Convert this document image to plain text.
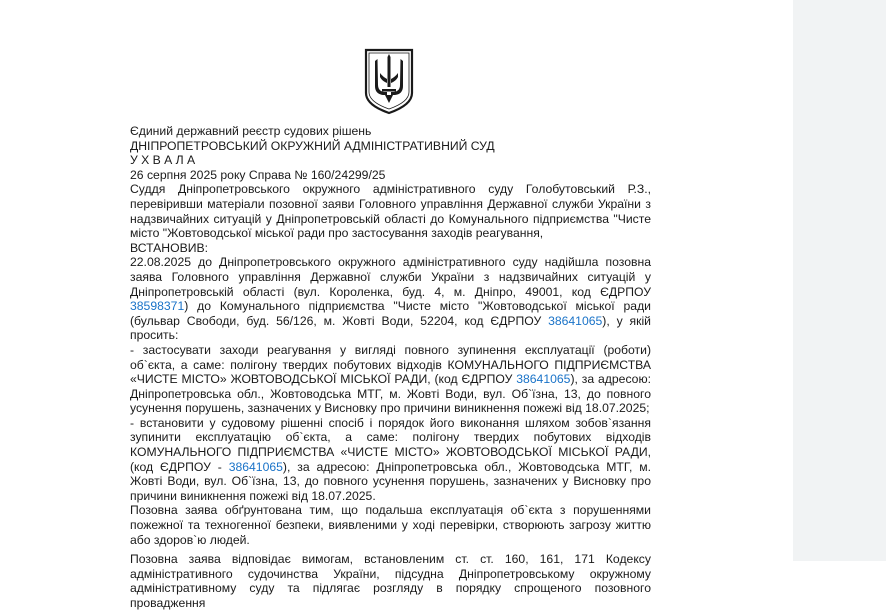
Єдиний державний реєстр судових рішень

ДНІПРОПЕТРОВСЬКИЙ ОКРУЖНИЙ АДМІНІСТРАТИВНИЙ СУД

У Х В А Л А

26 серпня 2025 року Справа № 160/24299/25

Суддя Дніпропетровського окружного адміністративного суду Голобутовський Р.З., перевіривши матеріали позовної заяви Головного управління Державної служби України з надзвичайних ситуацій у Дніпропетровській області до Комунального підприємства "Чисте місто "Жовтоводської міської ради про застосування заходів реагування,

ВСТАНОВИВ:

22.08.2025 до Дніпропетровського окружного адміністративного суду надійшла позовна заява Головного управління Державної служби України з надзвичайних ситуацій у Дніпропетровській області (вул. Короленка, буд. 4, м. Дніпро, 49001, код ЄДРПОУ 38598371) до Комунального підприємства "Чисте місто "Жовтоводської міської ради (бульвар Свободи, буд. 56/126, м. Жовті Води, 52204, код ЄДРПОУ 38641065), у якій просить:

- застосувати заходи реагування у вигляді повного зупинення експлуатації (роботи) об`єкта, а саме: полігону твердих побутових відходів КОМУНАЛЬНОГО ПІДПРИЄМСТВА «ЧИСТЕ МІСТО» ЖОВТОВОДСЬКОЇ МІСЬКОЇ РАДИ, (код ЄДРПОУ 38641065), за адресою: Дніпропетровська обл., Жовтоводська МТГ, м. Жовті Води, вул. Об`їзна, 13, до повного усунення порушень, зазначених у Висновку про причини виникнення пожежі від 18.07.2025;

- встановити у судовому рішенні спосіб і порядок його виконання шляхом зобов`язання зупинити експлуатацію об`єкта, а саме: полігону твердих побутових відходів КОМУНАЛЬНОГО ПІДПРИЄМСТВА «ЧИСТЕ МІСТО» ЖОВТОВОДСЬКОЇ МІСЬКОЇ РАДИ, (код ЄДРПОУ - 38641065), за адресою: Дніпропетровська обл., Жовтоводська МТГ, м. Жовті Води, вул. Об`їзна, 13, до повного усунення порушень, зазначених у Висновку про причини виникнення пожежі від 18.07.2025.

Позовна заява обґрунтована тим, що подальша експлуатація об`єкта з порушеннями пожежної та техногенної безпеки, виявленими у ході перевірки, створюють загрозу життю або здоров`ю людей.

Позовна заява відповідає вимогам, встановленим ст. ст. 160, 161, 171 Кодексу адміністративного судочинства України, підсудна Дніпропетровському окружному адміністративному суду та підлягає розгляду в порядку спрощеного позовного провадження
